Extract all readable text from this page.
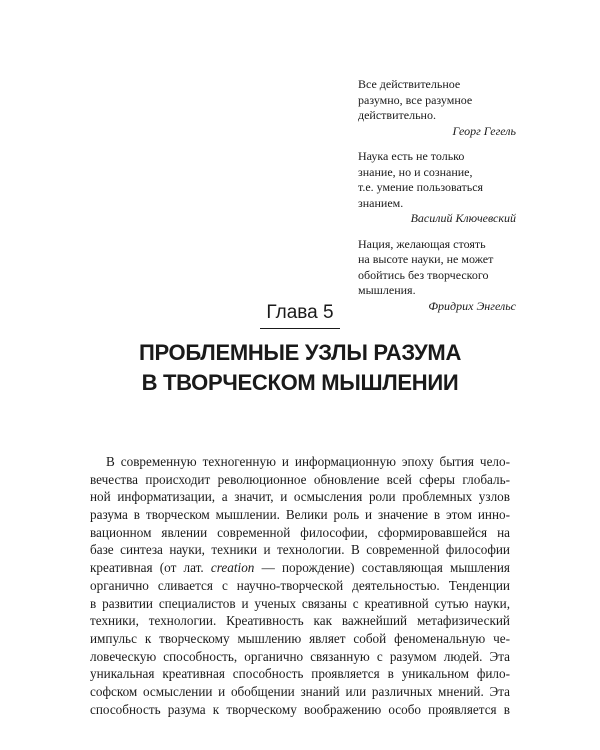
Все действительное
разумно, все разумное
действительно.
Георг Гегель
Наука есть не только
знание, но и сознание,
т.е. умение пользоваться
знанием.
Василий Ключевский
Нация, желающая стоять
на высоте науки, не может
обойтись без творческого
мышления.
Фридрих Энгельс
Глава 5
ПРОБЛЕМНЫЕ УЗЛЫ РАЗУМА
В ТВОРЧЕСКОМ МЫШЛЕНИИ
В современную техногенную и информационную эпоху бытия чело-
вечества происходит революционное обновление всей сферы глобаль-
ной информатизации, а значит, и осмысления роли проблемных узлов
разума в творческом мышлении. Велики роль и значение в этом инно-
вационном явлении современной философии, сформировавшейся на
базе синтеза науки, техники и технологии. В современной философии
креативная (от лат. creation — порождение) составляющая мышления
органично сливается с научно-творческой деятельностью. Тенденции
в развитии специалистов и ученых связаны с креативной сутью науки,
техники, технологии. Креативность как важнейший метафизический
импульс к творческому мышлению являет собой феноменальную че-
ловеческую способность, органично связанную с разумом людей. Эта
уникальная креативная способность проявляется в уникальном фило-
софском осмыслении и обобщении знаний или различных мнений. Эта
способность разума к творческому воображению особо проявляется в
